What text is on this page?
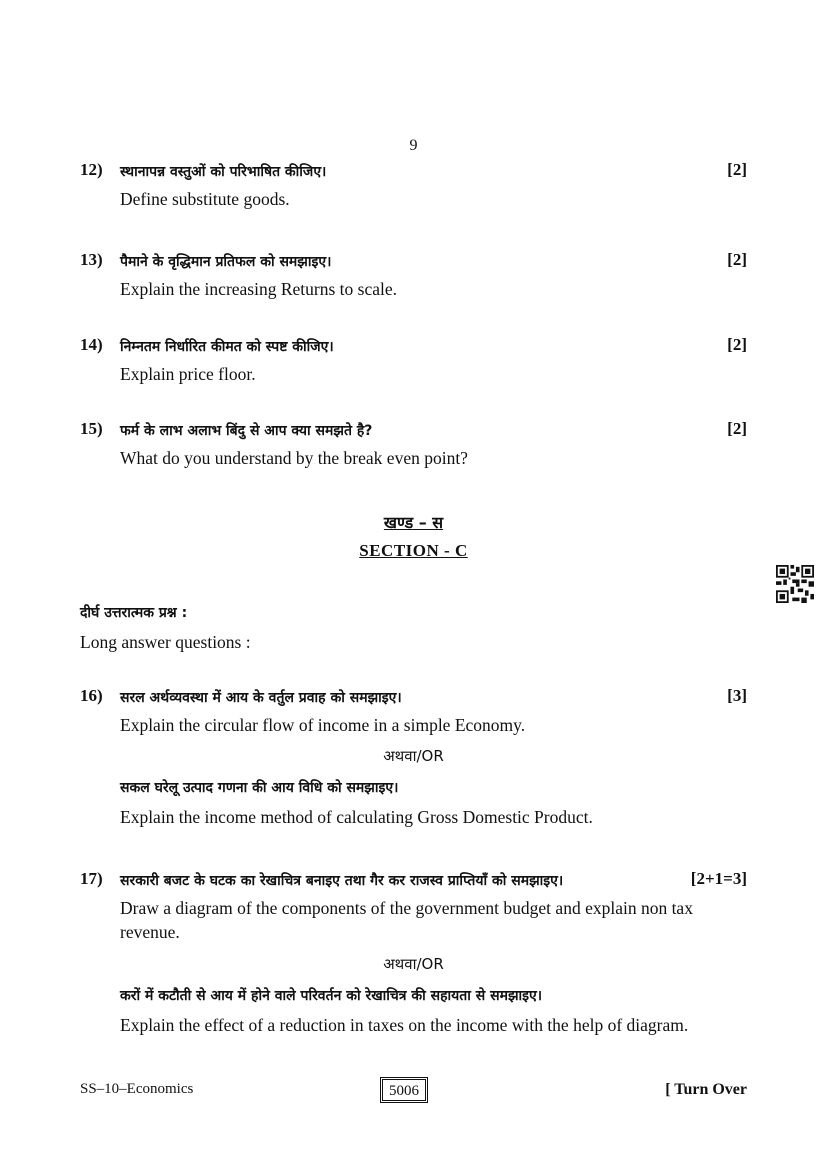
9
12) स्थानापन्न वस्तुओं को परिभाषित कीजिए।	[2]
Define substitute goods.
13) पैमाने के वृद्धिमान प्रतिफल को समझाइए।	[2]
Explain the increasing Returns to scale.
14) निम्नतम निर्धारित कीमत को स्पष्ट कीजिए।	[2]
Explain price floor.
15) फर्म के लाभ अलाभ बिंदु से आप क्या समझते है?	[2]
What do you understand by the break even point?
खण्ड – स
SECTION - C
दीर्घ उत्तरात्मक प्रश्न :
Long answer questions :
16) सरल अर्थव्यवस्था में आय के वर्तुल प्रवाह को समझाइए।	[3]
Explain the circular flow of income in a simple Economy.
अथवा/OR
सकल घरेलू उत्पाद गणना की आय विधि को समझाइए।
Explain the income method of calculating Gross Domestic Product.
17) सरकारी बजट के घटक का रेखाचित्र बनाइए तथा गैर कर राजस्व प्राप्तियाँ को समझाइए।	[2+1=3]
Draw a diagram of the components of the government budget and explain non tax revenue.
अथवा/OR
करों में कटौती से आय में होने वाले परिवर्तन को रेखाचित्र की सहायता से समझाइए।
Explain the effect of a reduction in taxes on the income with the help of diagram.
SS–10–Economics	5006	[ Turn Over
